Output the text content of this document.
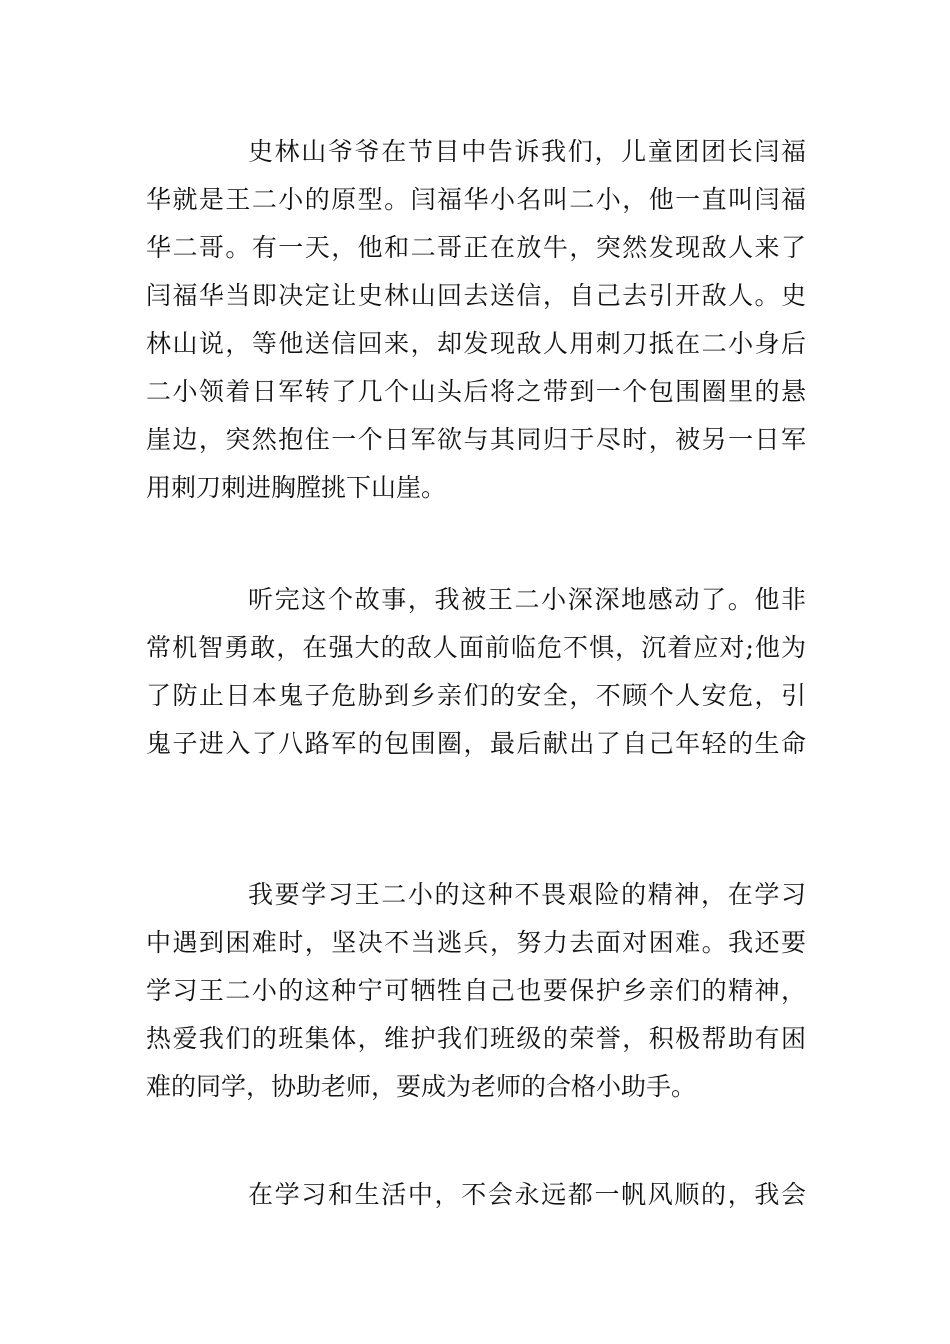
史林山爷爷在节目中告诉我们，儿童团团长闫福
华就是王二小的原型。闫福华小名叫二小，他一直叫闫福
华二哥。有一天，他和二哥正在放牛，突然发现敌人来了
闫福华当即决定让史林山回去送信，自己去引开敌人。史
林山说，等他送信回来，却发现敌人用刺刀抵在二小身后
二小领着日军转了几个山头后将之带到一个包围圈里的悬
崖边，突然抱住一个日军欲与其同归于尽时，被另一日军
用刺刀刺进胸膛挑下山崖。
听完这个故事，我被王二小深深地感动了。他非
常机智勇敢，在强大的敌人面前临危不惧，沉着应对;他为
了防止日本鬼子危胁到乡亲们的安全，不顾个人安危，引
鬼子进入了八路军的包围圈，最后献出了自己年轻的生命
我要学习王二小的这种不畏艰险的精神，在学习
中遇到困难时，坚决不当逃兵，努力去面对困难。我还要
学习王二小的这种宁可牺牲自己也要保护乡亲们的精神，
热爱我们的班集体，维护我们班级的荣誉，积极帮助有困
难的同学，协助老师，要成为老师的合格小助手。
在学习和生活中，不会永远都一帆风顺的，我会
